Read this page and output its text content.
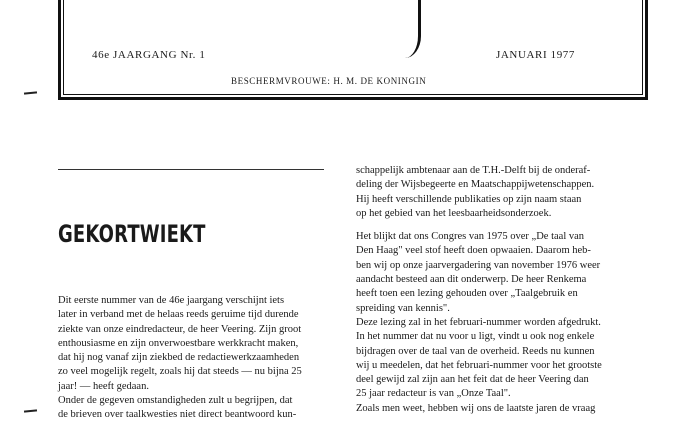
46e JAARGANG Nr. 1	JANUARI 1977
BESCHERMVROUWE: H. M. DE KONINGIN
GEKORTWIEKT

Dit eerste nummer van de 46e jaargang verschijnt iets

later in verband met de helaas reeds geruime tijd durende

ziekte van onze eindredacteur, de heer Veering. Zijn groot

enthousiasme en zijn onverwoestbare werkkracht maken,

dat hij nog vanaf zijn ziekbed de redactiewerkzaamheden

zo veel mogelijk regelt, zoals hij dat steeds — nu bijna 25

jaar! — heeft gedaan.

Onder de gegeven omstandigheden zult u begrijpen, dat

de brieven over taalkwesties niet direct beantwoord kun-

schappelijk ambtenaar aan de T.H.-Delft bij de onderaf-

deling der Wijsbegeerte en Maatschappijwetenschappen.

Hij heeft verschillende publikaties op zijn naam staan

op het gebied van het leesbaarheidsonderzoek.

Het blijkt dat ons Congres van 1975 over „De taal van

Den Haag" veel stof heeft doen opwaaien. Daarom heb-

ben wij op onze jaarvergadering van november 1976 weer

aandacht besteed aan dit onderwerp. De heer Renkema

heeft toen een lezing gehouden over „Taalgebruik en

spreiding van kennis".

Deze lezing zal in het februari-nummer worden afgedrukt.

In het nummer dat nu voor u ligt, vindt u ook nog enkele

bijdragen over de taal van de overheid. Reeds nu kunnen

wij u meedelen, dat het februari-nummer voor het grootste

deel gewijd zal zijn aan het feit dat de heer Veering dan

25 jaar redacteur is van „Onze Taal".

Zoals men weet, hebben wij ons de laatste jaren de vraag
